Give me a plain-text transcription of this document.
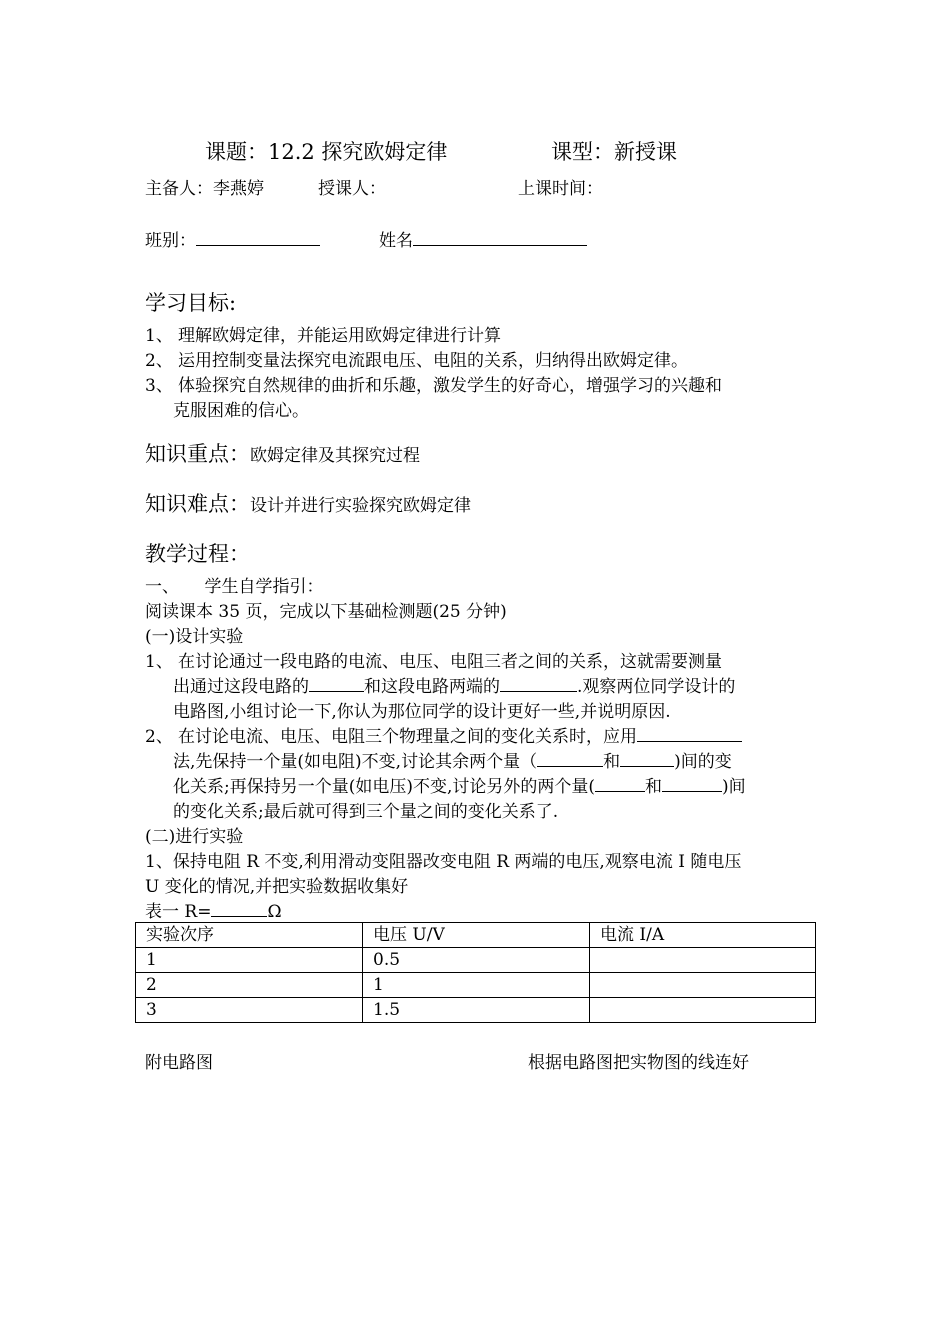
课题：12.2 探究欧姆定律	课型：新授课
主备人：李燕婷	授课人：	上课时间：
班别：	姓名
学习目标:
1、 理解欧姆定律，并能运用欧姆定律进行计算
2、 运用控制变量法探究电流跟电压、电阻的关系，归纳得出欧姆定律。
3、 体验探究自然规律的曲折和乐趣，激发学生的好奇心，增强学习的兴趣和
克服困难的信心。
知识重点：欧姆定律及其探究过程
知识难点：设计并进行实验探究欧姆定律
教学过程：
一、　　学生自学指引：
阅读课本 35 页，完成以下基础检测题(25 分钟)
(一)设计实验
1、 在讨论通过一段电路的电流、电压、电阻三者之间的关系，这就需要测量
出通过这段电路的	和这段电路两端的	.观察两位同学设计的
电路图,小组讨论一下,你认为那位同学的设计更好一些,并说明原因.
2、 在讨论电流、电压、电阻三个物理量之间的变化关系时，应用
法,先保持一个量(如电阻)不变,讨论其余两个量（	和	)间的变
化关系;再保持另一个量(如电压)不变,讨论另外的两个量(	和	)间
的变化关系;最后就可得到三个量之间的变化关系了.
(二)进行实验
1、保持电阻 R 不变,利用滑动变阻器改变电阻 R 两端的电压,观察电流 I 随电压
U 变化的情况,并把实验数据收集好
表一 R=	Ω
实验次序	电压 U/V	电流 I/A
1	0.5	
2	1	
3	1.5	
附电路图	根据电路图把实物图的线连好
